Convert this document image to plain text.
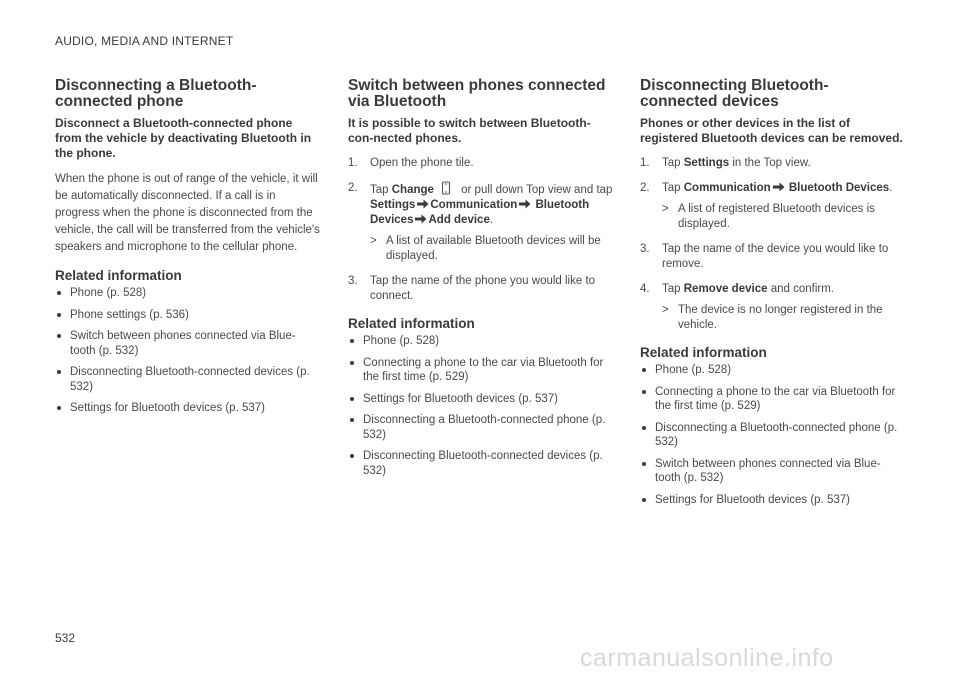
AUDIO, MEDIA AND INTERNET
Disconnecting a Bluetooth-connected phone

Disconnect a Bluetooth-connected phone from the vehicle by deactivating Bluetooth in the phone.

When the phone is out of range of the vehicle, it will be automatically disconnected. If a call is in progress when the phone is disconnected from the vehicle, the call will be transferred from the vehicle's speakers and microphone to the cellular phone.

Related information
Phone (p. 528)
Phone settings (p. 536)
Switch between phones connected via Blue-tooth (p. 532)
Disconnecting Bluetooth-connected devices (p. 532)
Settings for Bluetooth devices (p. 537)
Switch between phones connected via Bluetooth

It is possible to switch between Bluetooth-con-nected phones.

1. Open the phone tile.
2. Tap Change or pull down Top view and tap Settings Communication Bluetooth Devices Add device.
> A list of available Bluetooth devices will be displayed.
3. Tap the name of the phone you would like to connect.
Related information
Phone (p. 528)
Connecting a phone to the car via Bluetooth for the first time (p. 529)
Settings for Bluetooth devices (p. 537)
Disconnecting a Bluetooth-connected phone (p. 532)
Disconnecting Bluetooth-connected devices (p. 532)
Disconnecting Bluetooth-connected devices

Phones or other devices in the list of registered Bluetooth devices can be removed.

1. Tap Settings in the Top view.
2. Tap Communication Bluetooth Devices.
> A list of registered Bluetooth devices is displayed.
3. Tap the name of the device you would like to remove.
4. Tap Remove device and confirm.
> The device is no longer registered in the vehicle.
Related information
Phone (p. 528)
Connecting a phone to the car via Bluetooth for the first time (p. 529)
Disconnecting a Bluetooth-connected phone (p. 532)
Switch between phones connected via Blue-tooth (p. 532)
Settings for Bluetooth devices (p. 537)
532
carmanualsonline.info
